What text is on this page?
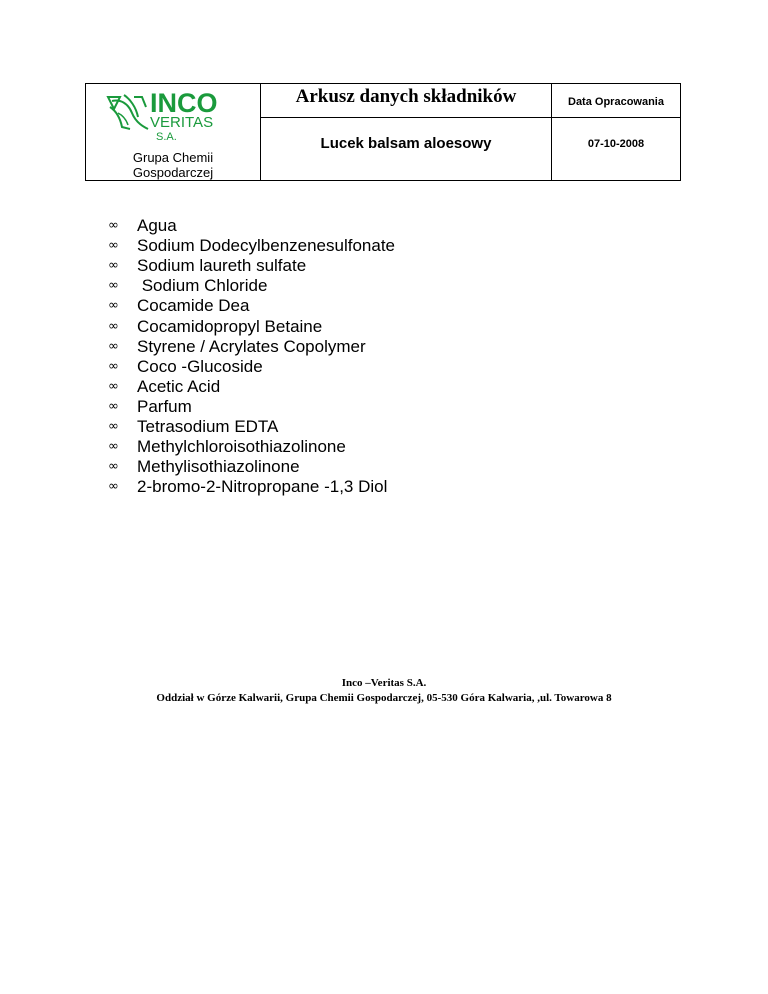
INCO
VERITAS
S.A.
Grupa Chemii
Gospodarczej
Arkusz danych składników
Lucek balsam aloesowy
Data Opracowania
07-10-2008
∞	Agua
∞	Sodium Dodecylbenzenesulfonate
∞	Sodium laureth sulfate
∞	Sodium Chloride
∞	Cocamide Dea
∞	Cocamidopropyl Betaine
∞	Styrene / Acrylates Copolymer
∞	Coco -Glucoside
∞	Acetic Acid
∞	Parfum
∞	Tetrasodium EDTA
∞	Methylchloroisothiazolinone
∞	Methylisothiazolinone
∞	2-bromo-2-Nitropropane -1,3 Diol
Inco –Veritas S.A.
Oddział w Górze Kalwarii, Grupa Chemii Gospodarczej, 05-530 Góra Kalwaria, ,ul. Towarowa 8
